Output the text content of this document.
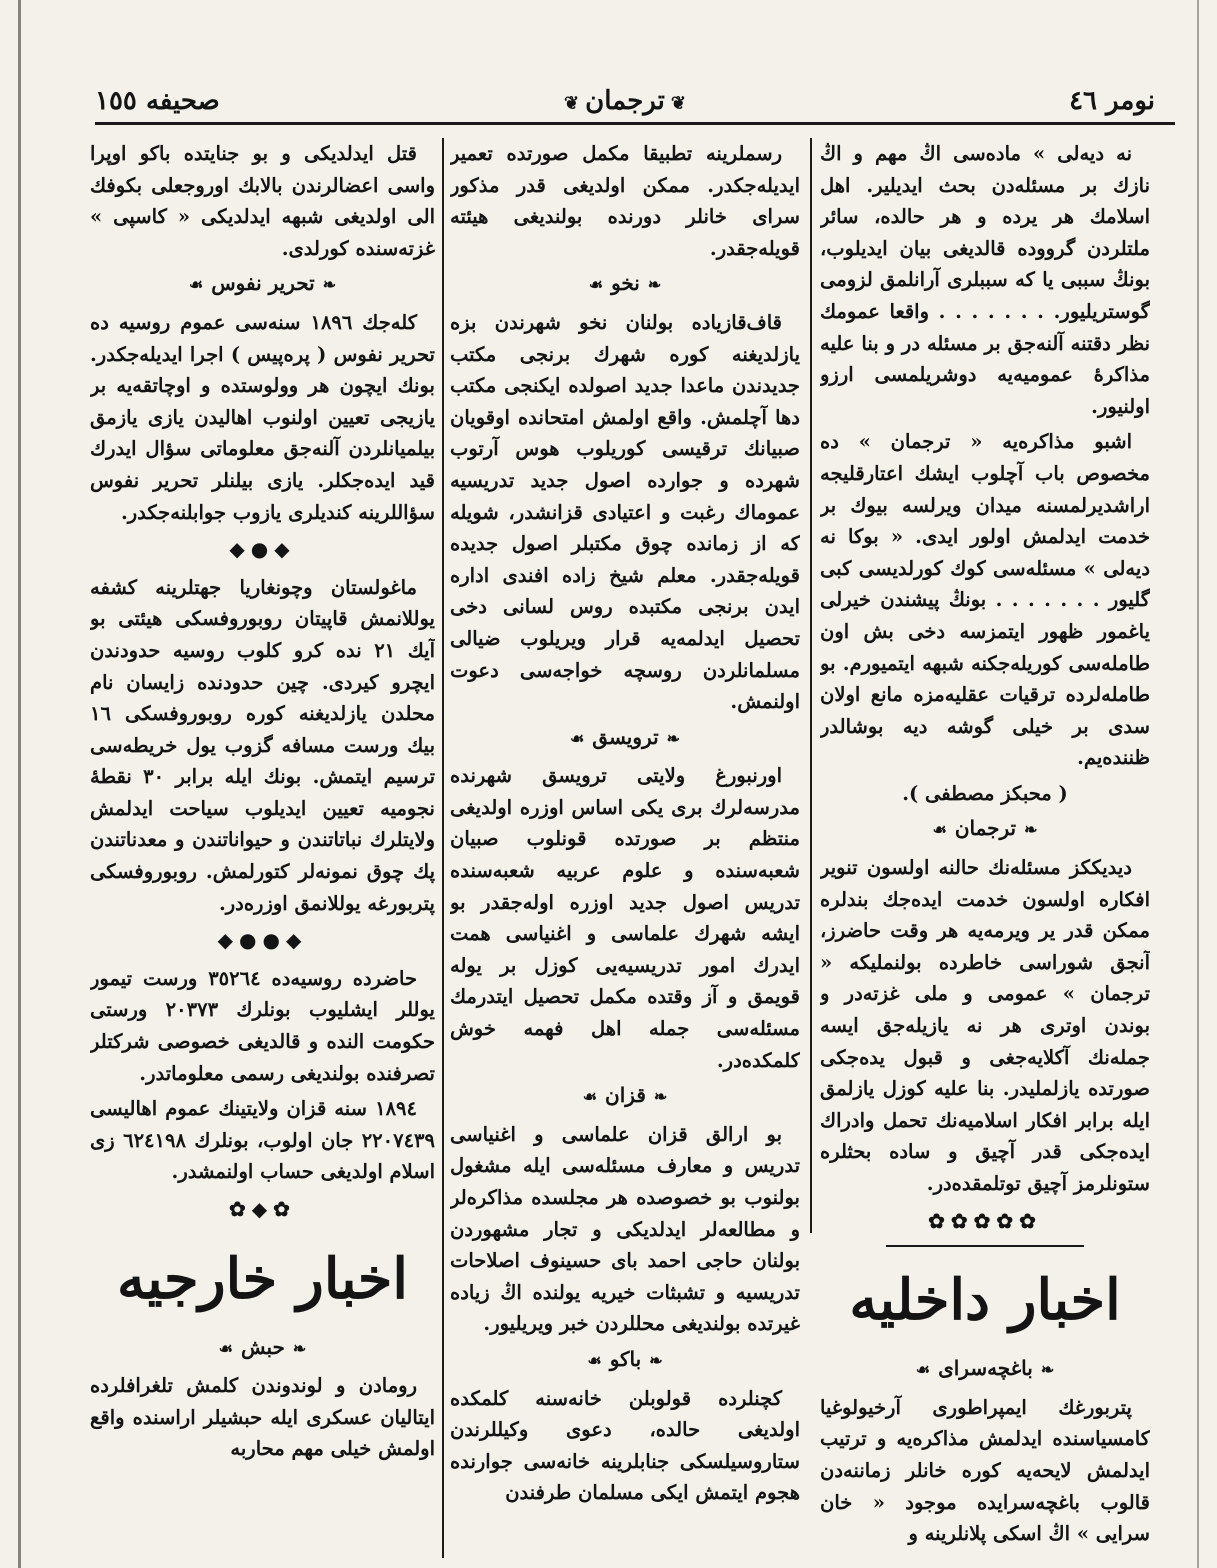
نومر ٤٦
❦ترجمان❦
صحيفه ١٥٥

نه ديه‌لى » ماده‌سى اڭ مهم و اڭ نازك بر مسئله‌دن بحث ايديلير. اهل اسلامك هر يرده و هر حالده، سائر ملتلردن گرووده قالديغى بيان ايديلوب، بونڭ سببى يا كه سببلرى آرانلمق لزومى گوستريليور. . . . . . . . واقعا عمومك نظر دقتنه آلنه‌جق بر مسئله در و بنا عليه مذاكرهٔ عموميه‌يه دوشريلمسى ارزو اولنيور.

اشبو مذاكره‌يه « ترجمان » ده مخصوص باب آچلوب ايشك اعتارقليجه اراشديرلمسنه ميدان ويرلسه بيوك بر خدمت ايدلمش اولور ايدى. « بوكا نه ديه‌لى » مسئله‌سى كوك كورلديسى كبى گليور . . . . . . . بونڭ پيشندن خيرلى ياغمور ظهور ايتمزسه دخى بش اون طامله‌سى كوريله‌جكنه شبهه ايتميورم. بو طامله‌لرده ترقيات عقليه‌مزه مانع اولان سدى بر خيلى گوشه ديه بوشالدر ظننده‌يم.

( محبكز مصطفى ).

❧ترجمان☙

ديديككز مسئله‌نك حالنه اولسون تنوير افكاره اولسون خدمت ايده‌جك بندلره ممكن قدر ير ويرمه‌يه هر وقت حاضرز، آنجق شوراسى خاطرده بولنمليكه « ترجمان » عمومى و ملى غزته‌در و بوندن اوترى هر نه يازيله‌جق ايسه جمله‌نك آكلايه‌جغى و قبول يده‌جكى صورتده يازلمليدر. بنا عليه كوزل يازلمق ايله برابر افكار اسلاميه‌نك تحمل وادراك ايده‌جكى قدر آچيق و ساده بحثلره ستونلرمز آچيق توتلمقده‌در.

✿✿✿✿✿
اخبار داخليه
❧باغچه‌سراى☙

پتربورغك ايمپراطورى آرخيولوغيا كامسياسنده ايدلمش مذاكره‌يه و ترتيب ايدلمش لايحه‌يه كوره خانلر زماننه‌دن قالوب باغچه‌سرايده موجود « خان سرايى » اڭ اسكى پلانلرينه و

رسملرينه تطبيقا مكمل صورتده تعمير ايديله‌جكدر. ممكن اولديغى قدر مذكور سراى خانلر دورنده بولنديغى هيئته قويله‌جقدر.

❧نخو☙

قاف‌قازياده بولنان نخو شهرندن بزه يازلديغنه كوره شهرك برنجى مكتب جديدندن ماعدا جديد اصولده ايكنجى مكتب دها آچلمش. واقع اولمش امتحانده اوقويان صبيانك ترقيسى كوريلوب هوس آرتوب شهرده و جوارده اصول جديد تدريسيه عموماك رغبت و اعتيادى قزانشدر، شويله كه از زمانده چوق مكتبلر اصول جديده قويله‌جقدر. معلم شيخ زاده افندى اداره ايدن برنجى مكتبده روس لسانى دخى تحصيل ايدلمه‌يه قرار ويريلوب ضيالى مسلمانلردن روسچه خواجه‌سى دعوت اولنمش.

❧ترويسق☙

اورنبورغ ولايتى ترويسق شهرنده مدرسه‌لرك برى يكى اساس اوزره اولديغى منتظم بر صورتده قونلوب صبيان شعبه‌سنده و علوم عربيه شعبه‌سنده تدريس اصول جديد اوزره اوله‌جقدر بو ايشه شهرك علماسى و اغنياسى همت ايدرك امور تدريسيه‌يى كوزل بر يوله قويمق و آز وقتده مكمل تحصيل ايتدرمك مسئله‌سى جمله اهل فهمه خوش كلمكده‌در.

❧قزان☙

بو ارالق قزان علماسى و اغنياسى تدريس و معارف مسئله‌سى ايله مشغول بولنوب بو خصوصده هر مجلسده مذاكره‌لر و مطالعه‌لر ايدلديكى و تجار مشهوردن بولنان حاجى احمد باى حسينوف اصلاحات تدريسيه و تشبثات خيريه يولنده اڭ زياده غيرتده بولنديغى محللردن خبر ويريليور.

❧باكو☙

كچنلرده قولوبلن خانه‌سنه كلمكده اولديغى حالده، دعوى وكيللرندن ستاروسيلسكى جنابلرينه خانه‌سى جوارنده هجوم ايتمش ايكى مسلمان طرفندن

قتل ايدلديكى و بو جنايتده باكو اوپرا واسى اعضالرندن بالابك اوروجعلى بكوفك الى اولديغى شبهه ايدلديكى « كاسپى » غزته‌سنده كورلدى.

❧تحرير نفوس☙

كله‌جك ١٨٩٦ سنه‌سى عموم روسيه ده تحرير نفوس ( پره‌پيس ) اجرا ايديله‌جكدر. بونك ايچون هر وولوستده و اوچاتقه‌يه بر يازيجى تعيين اولنوب اهاليدن يازى يازمق بيلميانلردن آلنه‌جق معلوماتى سؤال ايدرك قيد ايده‌جكلر. يازى بيلنلر تحرير نفوس سؤاللرينه كنديلرى يازوب جوابلنه‌جكدر.

◆●◆

ماغولستان وچونغاريا جهتلرينه كشفه يوللانمش قاپيتان روبوروفسكى هيئتى بو آيك ٢١ نده كرو كلوب روسيه حدودندن ايچرو كيردى. چين حدودنده زايسان نام محلدن يازلديغنه كوره روبوروفسكى ١٦ بيك ورست مسافه گزوب يول خريطه‌سى ترسيم ايتمش. بونك ايله برابر ٣٠ نقطهٔ نجوميه تعيين ايديلوب سياحت ايدلمش ولايتلرك نباتاتندن و حيواناتندن و معدناتندن پك چوق نمونه‌لر كتورلمش. روبوروفسكى پتربورغه يوللانمق اوزره‌در.

◆●●◆

حاضرده روسيه‌ده ٣٥٢٦٤ ورست تيمور يوللر ايشليوب بونلرك ٢٠٣٧٣ ورستى حكومت النده و قالديغى خصوصى شركتلر تصرفنده بولنديغى رسمى معلوماتدر.

١٨٩٤ سنه قزان ولايتينك عموم اهاليسى ٢٢٠٧٤٣٩ جان اولوب، بونلرك ٦٢٤١٩٨ زى اسلام اولديغى حساب اولنمشدر.

✿◆✿
اخبار خارجيه
❧حبش☙

رومادن و لوندوندن كلمش تلغرافلرده ايتاليان عسكرى ايله حبشيلر اراسنده واقع اولمش خيلى مهم محاربه
